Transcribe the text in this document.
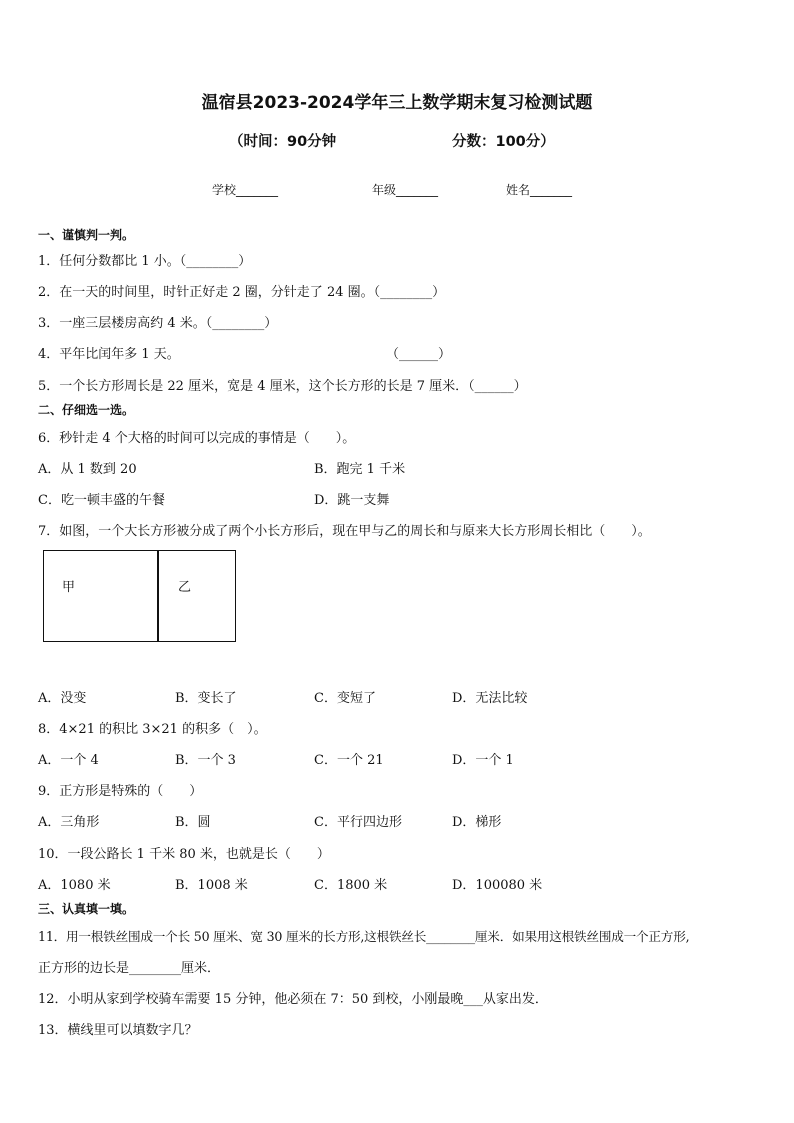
温宿县2023-2024学年三上数学期末复习检测试题
（时间：90分钟	分数：100分）
学校_______	年级_______	姓名_______
一、谨慎判一判。
1．任何分数都比 1 小。（________）
2．在一天的时间里，时针正好走 2 圈，分针走了 24 圈。（________）
3．一座三层楼房高约 4 米。（________）
4．平年比闰年多 1 天。	（______）
5．一个长方形周长是 22 厘米，宽是 4 厘米，这个长方形的长是 7 厘米．（______）
二、仔细选一选。
6．秒针走 4 个大格的时间可以完成的事情是（　　）。
A．从 1 数到 20	B．跑完 1 千米
C．吃一顿丰盛的午餐	D．跳一支舞
7．如图，一个大长方形被分成了两个小长方形后，现在甲与乙的周长和与原来大长方形周长相比（　　）。
甲	乙
A．没变	B．变长了	C．变短了	D．无法比较
8．4×21 的积比 3×21 的积多（　）。
A．一个 4	B．一个 3	C．一个 21	D．一个 1
9．正方形是特殊的（　　）
A．三角形	B．圆	C．平行四边形	D．梯形
10．一段公路长 1 千米 80 米，也就是长（　　）
A．1080 米	B．1008 米	C．1800 米	D．100080 米
三、认真填一填。
11．用一根铁丝围成一个长 50 厘米、宽 30 厘米的长方形,这根铁丝长________厘米．如果用这根铁丝围成一个正方形,
正方形的边长是________厘米．
12．小明从家到学校骑车需要 15 分钟，他必须在 7：50 到校，小刚最晚___从家出发．
13．横线里可以填数字几？
